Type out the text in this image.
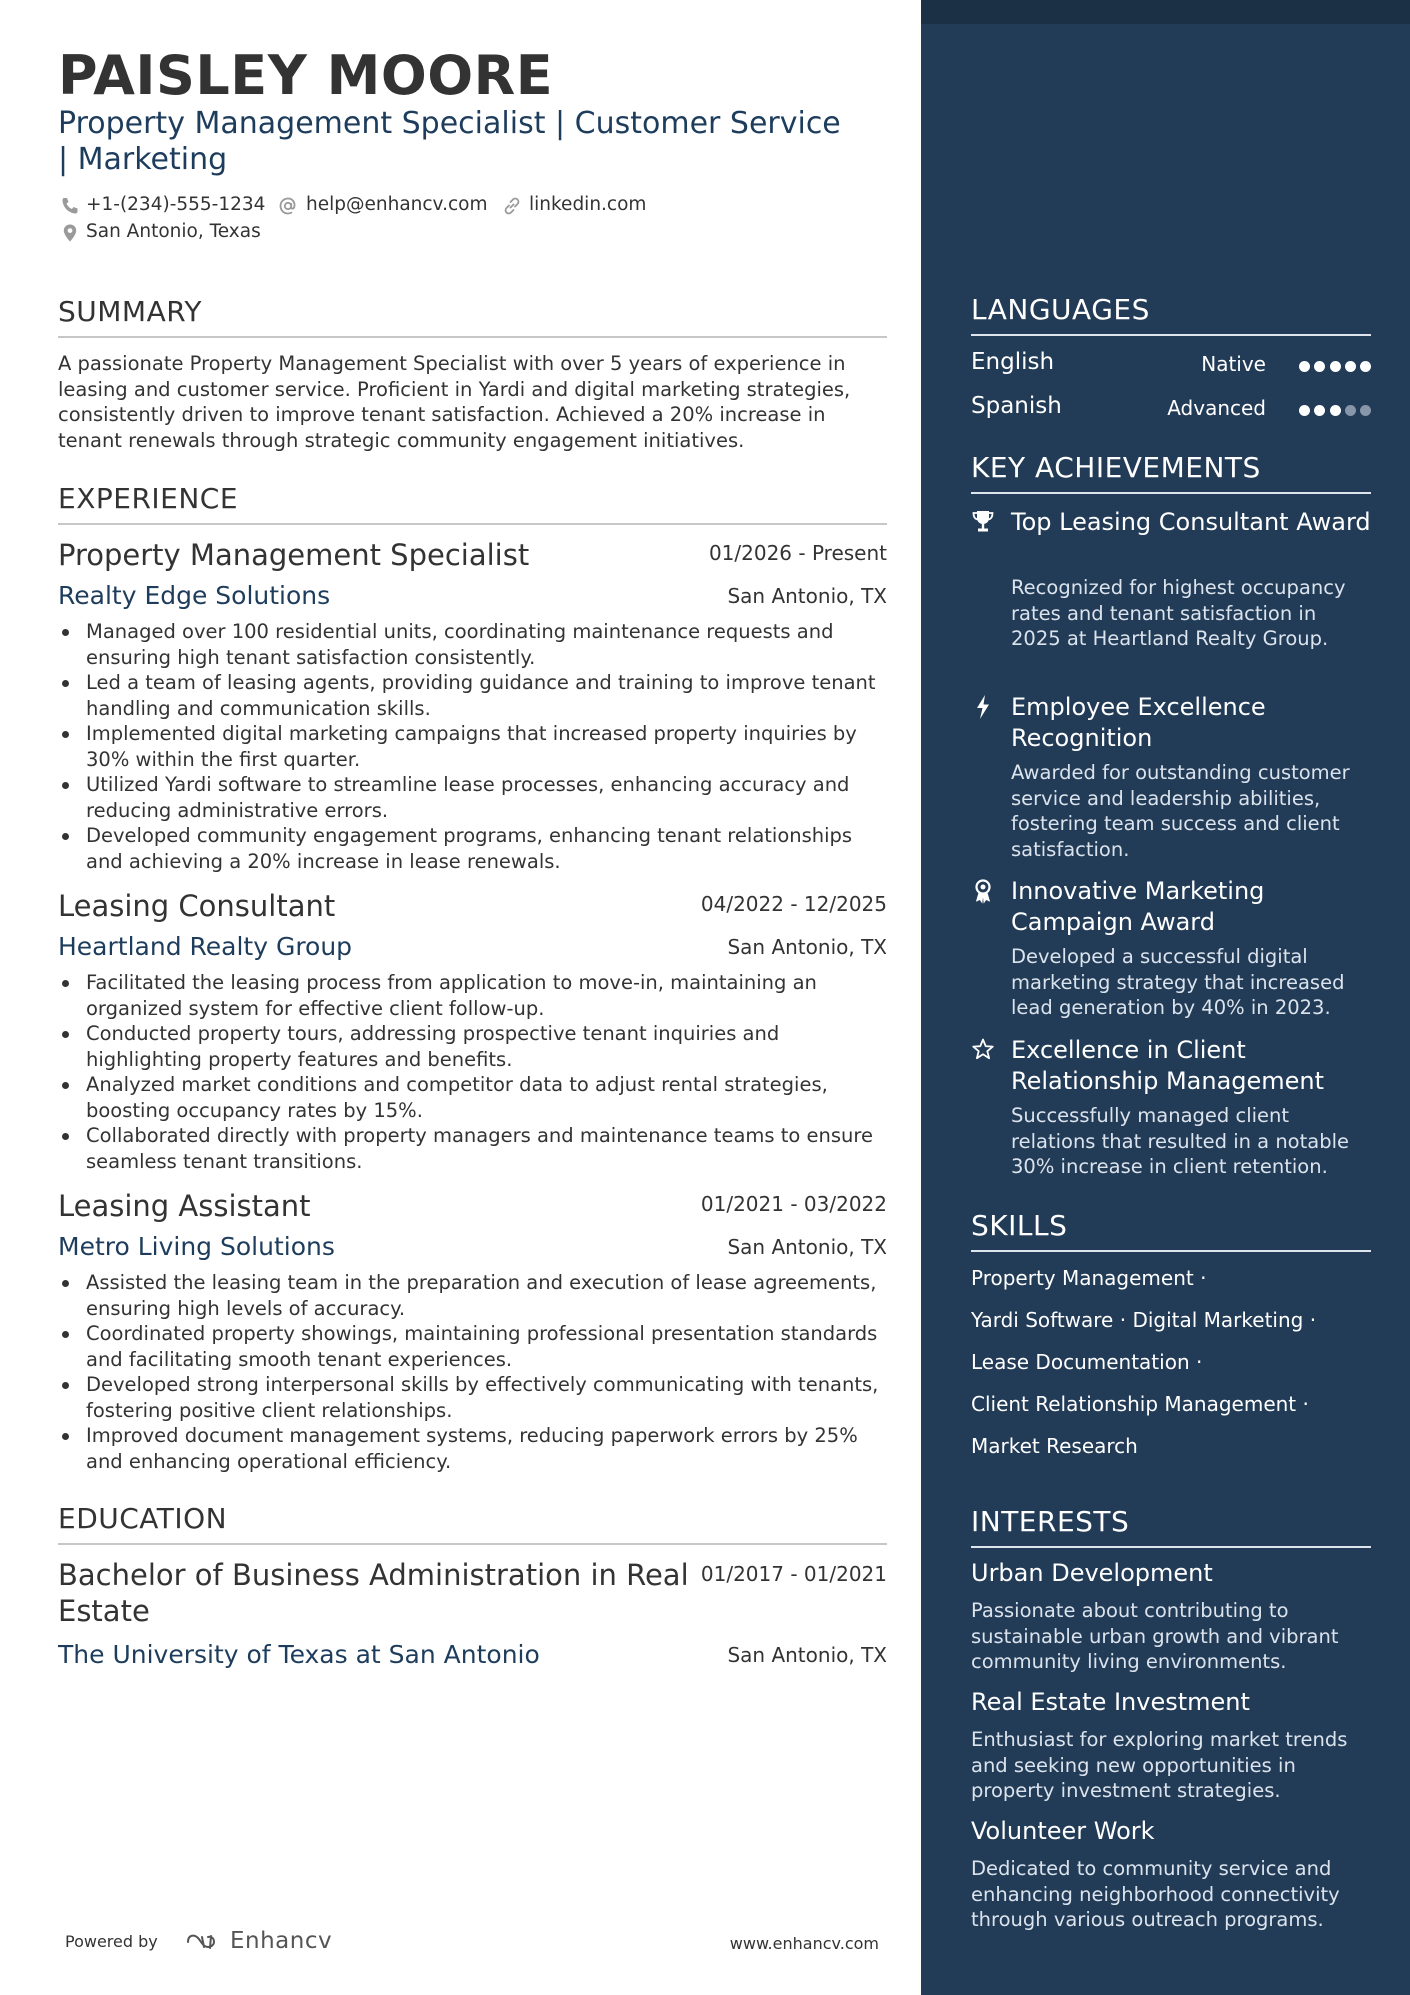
PAISLEY MOORE
Property Management Specialist | Customer Service | Marketing
+1-(234)-555-1234 help@enhancv.com linkedin.com
San Antonio, Texas
SUMMARY
A passionate Property Management Specialist with over 5 years of experience in leasing and customer service. Proficient in Yardi and digital marketing strategies, consistently driven to improve tenant satisfaction. Achieved a 20% increase in tenant renewals through strategic community engagement initiatives.
EXPERIENCE
Property Management Specialist	01/2026 - Present
Realty Edge Solutions	San Antonio, TX
Managed over 100 residential units, coordinating maintenance requests and ensuring high tenant satisfaction consistently.
Led a team of leasing agents, providing guidance and training to improve tenant handling and communication skills.
Implemented digital marketing campaigns that increased property inquiries by 30% within the first quarter.
Utilized Yardi software to streamline lease processes, enhancing accuracy and reducing administrative errors.
Developed community engagement programs, enhancing tenant relationships and achieving a 20% increase in lease renewals.
Leasing Consultant	04/2022 - 12/2025
Heartland Realty Group	San Antonio, TX
Facilitated the leasing process from application to move-in, maintaining an organized system for effective client follow-up.
Conducted property tours, addressing prospective tenant inquiries and highlighting property features and benefits.
Analyzed market conditions and competitor data to adjust rental strategies, boosting occupancy rates by 15%.
Collaborated directly with property managers and maintenance teams to ensure seamless tenant transitions.
Leasing Assistant	01/2021 - 03/2022
Metro Living Solutions	San Antonio, TX
Assisted the leasing team in the preparation and execution of lease agreements, ensuring high levels of accuracy.
Coordinated property showings, maintaining professional presentation standards and facilitating smooth tenant experiences.
Developed strong interpersonal skills by effectively communicating with tenants, fostering positive client relationships.
Improved document management systems, reducing paperwork errors by 25% and enhancing operational efficiency.
EDUCATION
Bachelor of Business Administration in Real Estate
01/2017 - 01/2021
The University of Texas at San Antonio	San Antonio, TX
Powered by	Enhancv	www.enhancv.com
LANGUAGES
English	Native
Spanish	Advanced
KEY ACHIEVEMENTS
Top Leasing Consultant Award
Recognized for highest occupancy rates and tenant satisfaction in 2025 at Heartland Realty Group.
Employee Excellence Recognition
Awarded for outstanding customer service and leadership abilities, fostering team success and client satisfaction.
Innovative Marketing Campaign Award
Developed a successful digital marketing strategy that increased lead generation by 40% in 2023.
Excellence in Client Relationship Management
Successfully managed client relations that resulted in a notable 30% increase in client retention.
SKILLS
Property Management ·
Yardi Software · Digital Marketing ·
Lease Documentation ·
Client Relationship Management ·
Market Research
INTERESTS
Urban Development
Passionate about contributing to sustainable urban growth and vibrant community living environments.
Real Estate Investment
Enthusiast for exploring market trends and seeking new opportunities in property investment strategies.
Volunteer Work
Dedicated to community service and enhancing neighborhood connectivity through various outreach programs.
